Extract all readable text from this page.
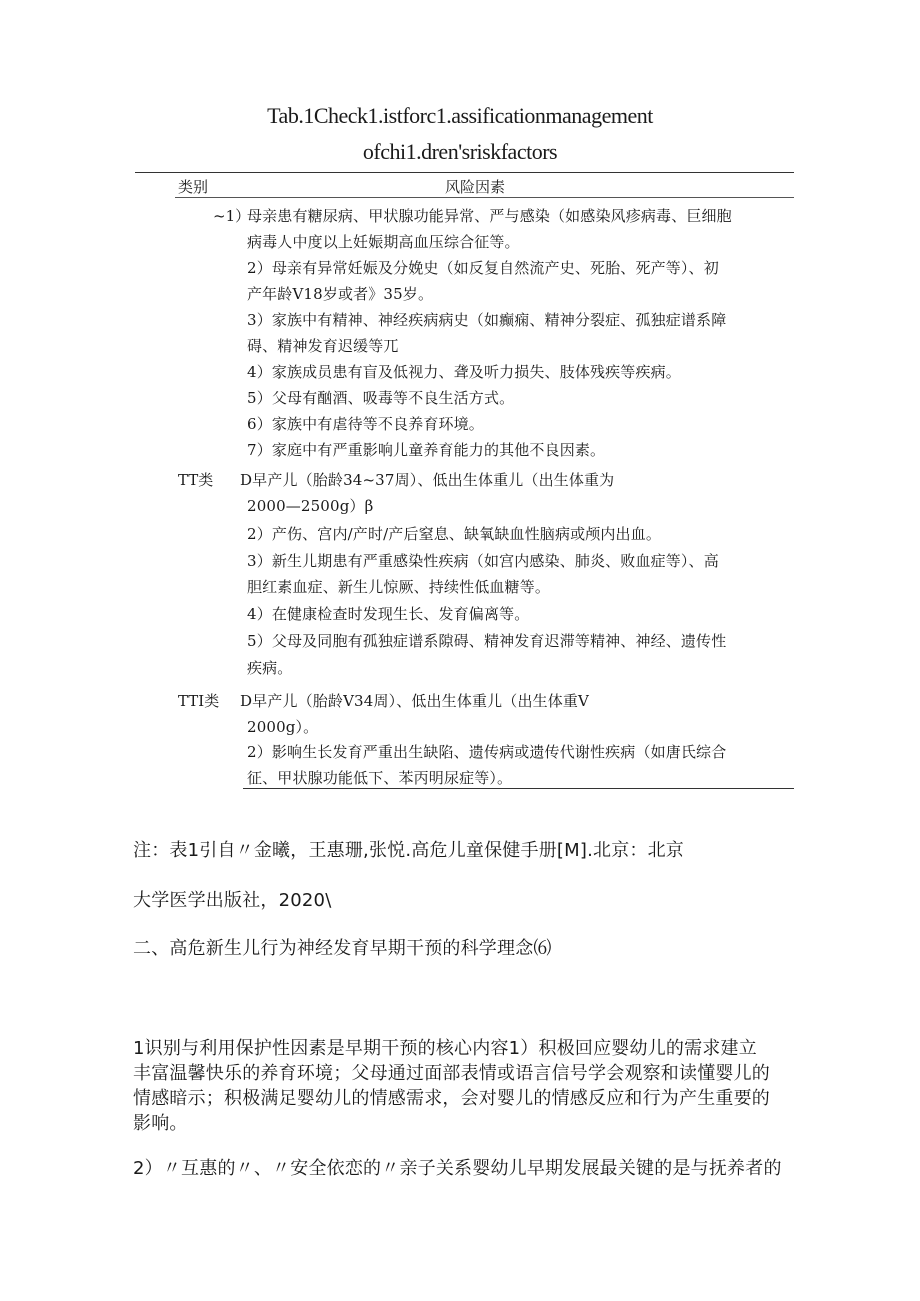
Tab.1Check1.istforc1.assificationmanagement
ofchi1.dren'sriskfactors
类别	风险因素
~1）
母亲患有糖尿病、甲状腺功能异常、严与感染（如感染风疹病毒、巨细胞
病毒人中度以上妊娠期高血压综合征等。
2）母亲有异常妊娠及分娩史（如反复自然流产史、死胎、死产等）、初
产年龄V18岁或者》35岁。
3）家族中有精神、神经疾病病史（如癫痫、精神分裂症、孤独症谱系障
碍、精神发育迟缓等兀
4）家族成员患有盲及低视力、聋及听力损失、肢体残疾等疾病。
5）父母有酗酒、吸毒等不良生活方式。
6）家族中有虐待等不良养育环境。
7）家庭中有严重影响儿童养育能力的其他不良因素。
TT类 D早产儿（胎龄34~37周）、低出生体重儿（出生体重为
2000—2500g）β
2）产伤、宫内/产时/产后窒息、缺氧缺血性脑病或颅内出血。
3）新生儿期患有严重感染性疾病（如宫内感染、肺炎、败血症等）、高
胆红素血症、新生儿惊厥、持续性低血糖等。
4）在健康检查时发现生长、发育偏离等。
5）父母及同胞有孤独症谱系隙碍、精神发育迟滞等精神、神经、遗传性
疾病。
TTI类 D早产儿（胎龄V34周）、低出生体重儿（出生体重V
2000g）。
2）影响生长发育严重出生缺陷、遗传病或遗传代谢性疾病（如唐氏综合
征、甲状腺功能低下、苯丙明尿症等）。
注：表1引自〃金曦，王惠珊,张悦.高危儿童保健手册[M].北京：北京
大学医学出版社，2020\
二、高危新生儿行为神经发育早期干预的科学理念⑹
1识别与利用保护性因素是早期干预的核心内容1）积极回应婴幼儿的需求建立
丰富温馨快乐的养育环境；父母通过面部表情或语言信号学会观察和读懂婴儿的
情感暗示；积极满足婴幼儿的情感需求，会对婴儿的情感反应和行为产生重要的
影响。
2）〃互惠的〃、〃安全依恋的〃亲子关系婴幼儿早期发展最关键的是与抚养者的
